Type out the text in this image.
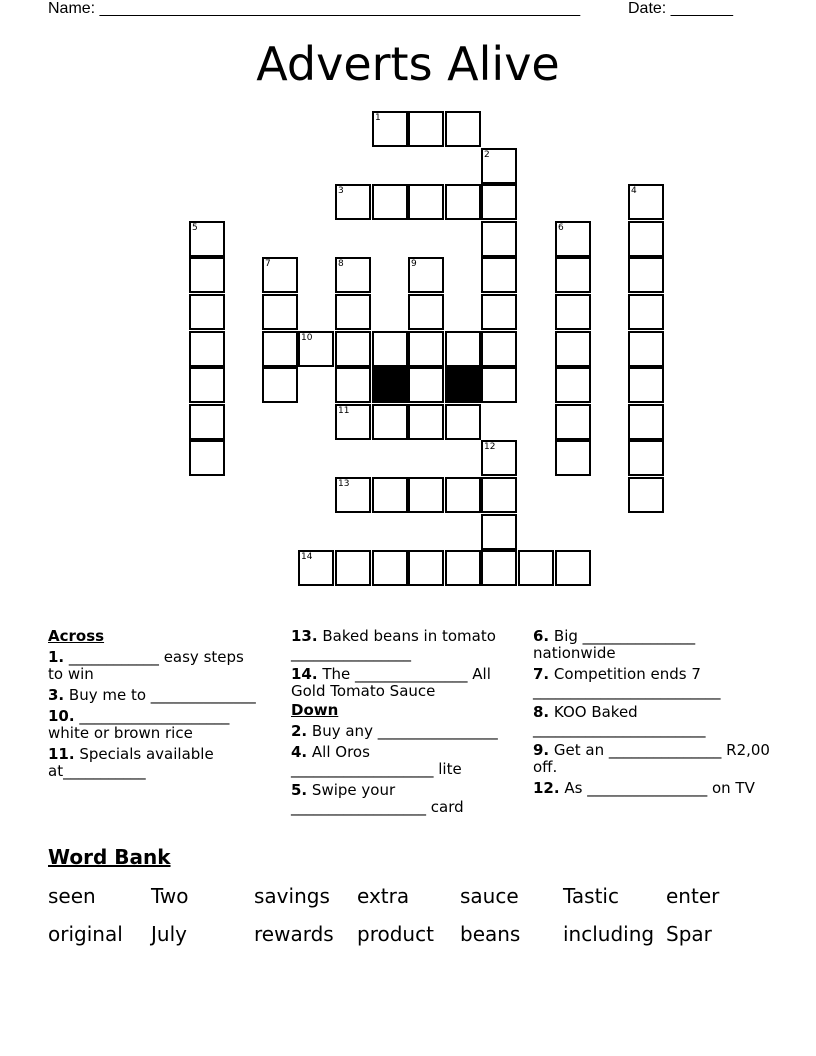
Name: ______________________________________________________	Date: _______
Adverts Alive
1
2
3	4
5	6
7	8	9
10
11
12
13
14
Across
1. ____________ easy steps to win
3. Buy me to ______________
10. ____________________ white or brown rice
11. Specials available at___________
13. Baked beans in tomato ________________
14. The _______________ All Gold Tomato Sauce
Down
2. Buy any ________________
4. All Oros ___________________ lite
5. Swipe your __________________ card
6. Big _______________ nationwide
7. Competition ends 7 _________________________
8. KOO Baked _______________________
9. Get an _______________ R2,00 off.
12. As ________________ on TV
Word Bank
seen	Two	savings extra	sauce Tastic enter
original July	rewards product beans including Spar
